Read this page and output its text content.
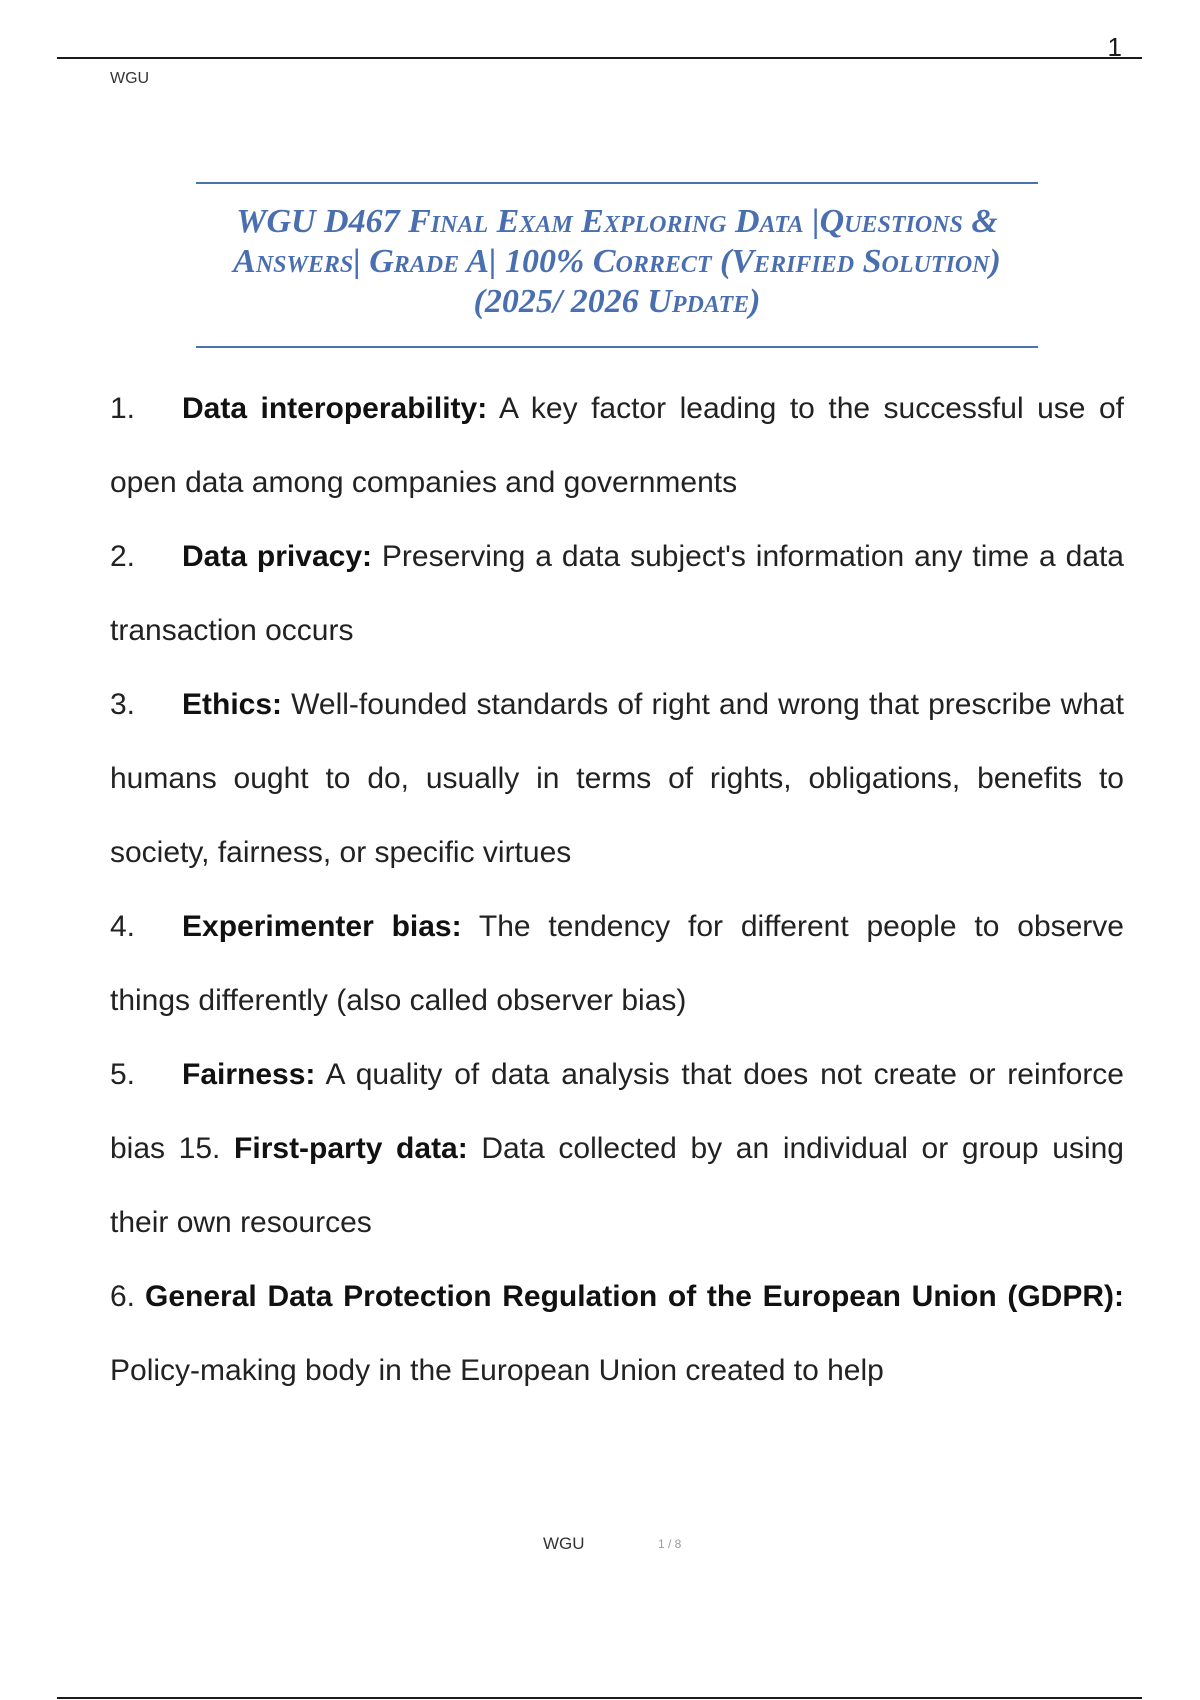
1
WGU
WGU D467 Final Exam Exploring Data |Questions & Answers| Grade A| 100% Correct (Verified Solution) (2025/ 2026 Update)

1. Data interoperability: A key factor leading to the successful use of open data among companies and governments

2. Data privacy: Preserving a data subject's information any time a data transaction occurs

3. Ethics: Well-founded standards of right and wrong that prescribe what humans ought to do, usually in terms of rights, obligations, benefits to society, fairness, or specific virtues

4. Experimenter bias: The tendency for different people to observe things differently (also called observer bias)

5. Fairness: A quality of data analysis that does not create or reinforce bias 15. First-party data: Data collected by an individual or group using their own resources

6. General Data Protection Regulation of the European Union (GDPR): Policy-making body in the European Union created to help

WGU	1 / 8
